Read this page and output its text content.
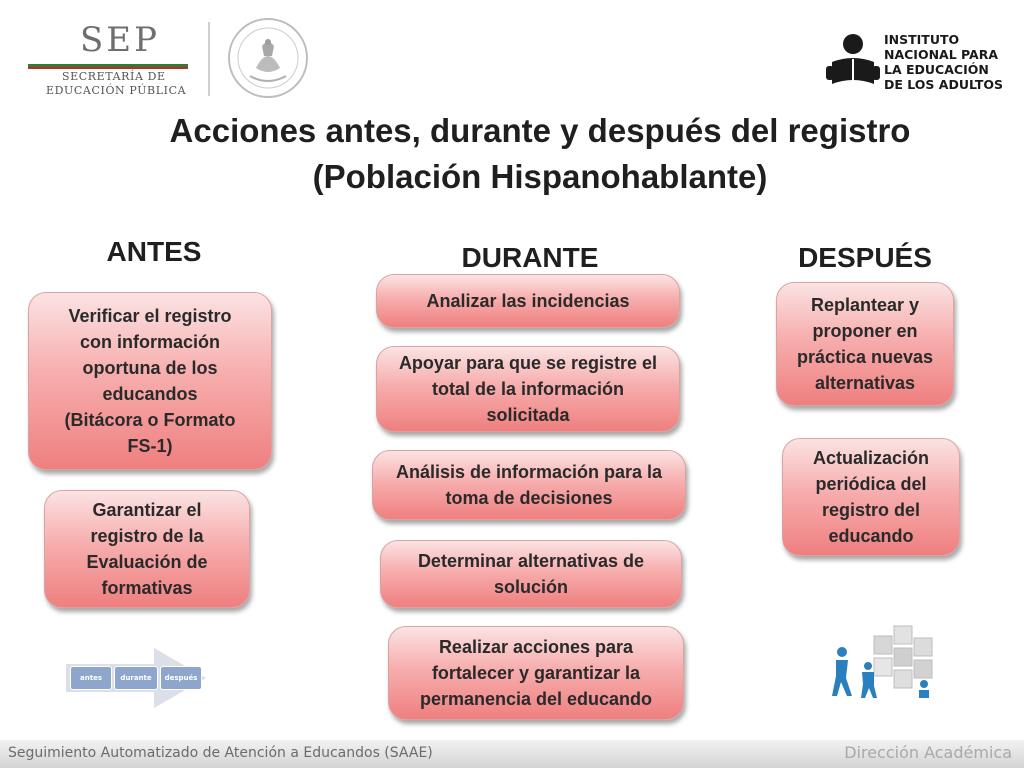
SEP
SECRETARÍA DE
EDUCACIÓN PÚBLICA
INSTITUTO
NACIONAL PARA
LA EDUCACIÓN
DE LOS ADULTOS
Acciones antes, durante y después del registro
(Población Hispanohablante)
ANTES	DURANTE	DESPUÉS
Verificar el registro
con información
oportuna de los
educandos
(Bitácora o Formato
FS-1)
Garantizar el
registro de la
Evaluación de
formativas
Analizar las incidencias
Apoyar para que se registre el
total de la información
solicitada
Análisis de información para la
toma de decisiones
Determinar alternativas de
solución
Realizar acciones para
fortalecer y garantizar la
permanencia del educando
Replantear y
proponer en
práctica nuevas
alternativas
Actualización
periódica del
registro del
educando
antes	durante	después
Seguimiento Automatizado de Atención a Educandos (SAAE)	Dirección Académica
